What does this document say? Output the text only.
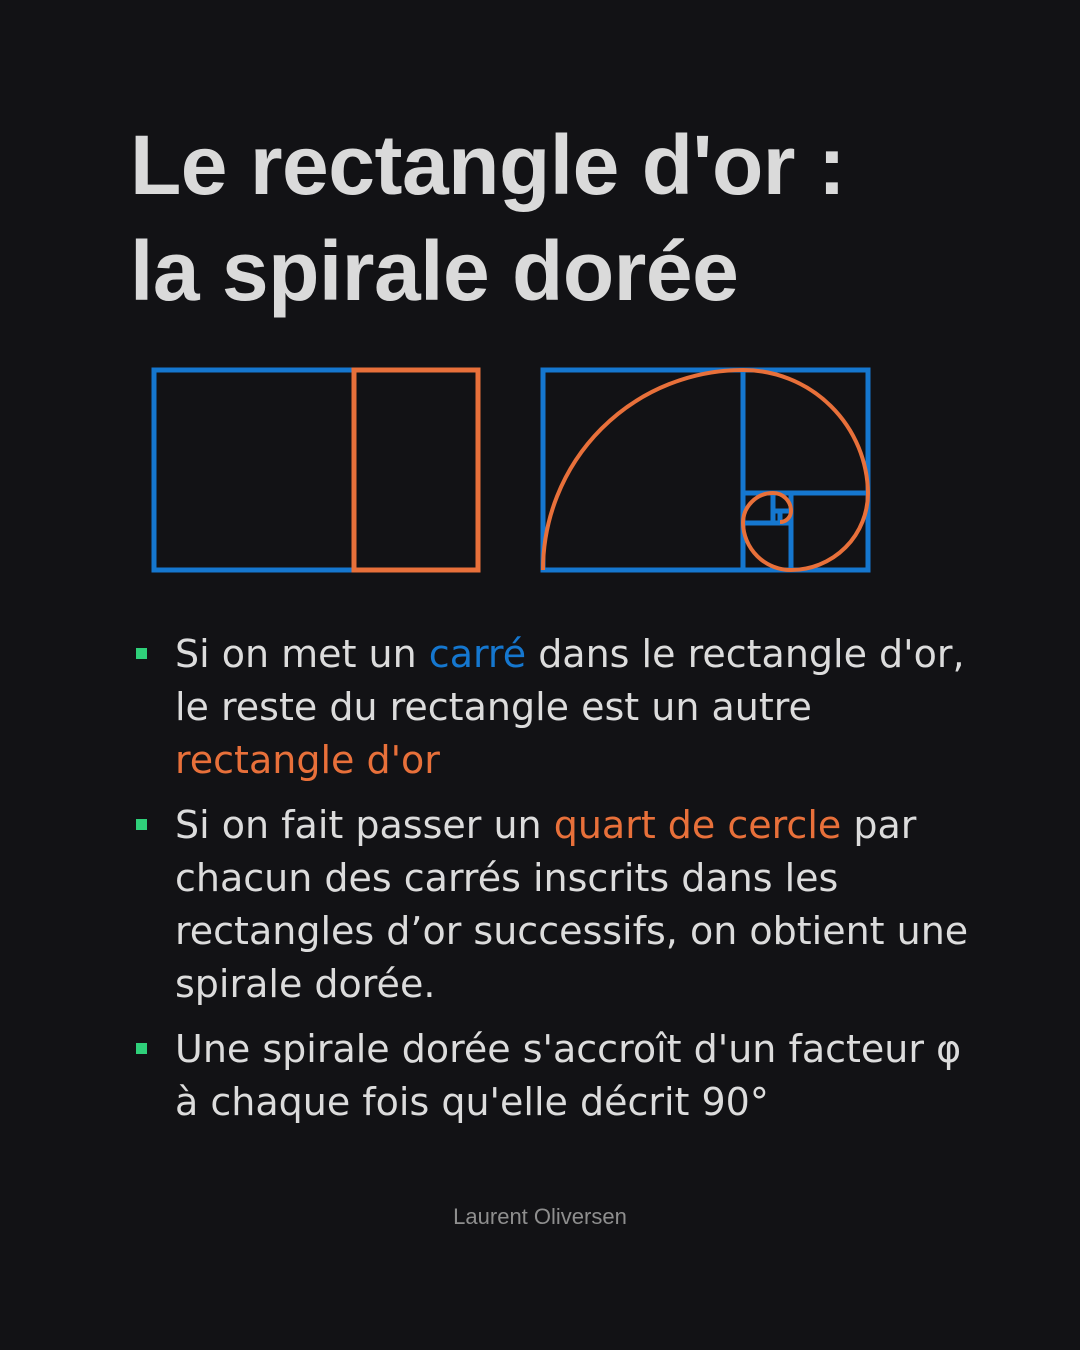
Le rectangle d'or :
la spirale dorée
Si on met un carré dans le rectangle d'or, le reste du rectangle est un autre rectangle d'or
Si on fait passer un quart de cercle par chacun des carrés inscrits dans les rectangles d’or successifs, on obtient une spirale dorée.
Une spirale dorée s'accroît d'un facteur φ à chaque fois qu'elle décrit 90°
Laurent Oliversen
